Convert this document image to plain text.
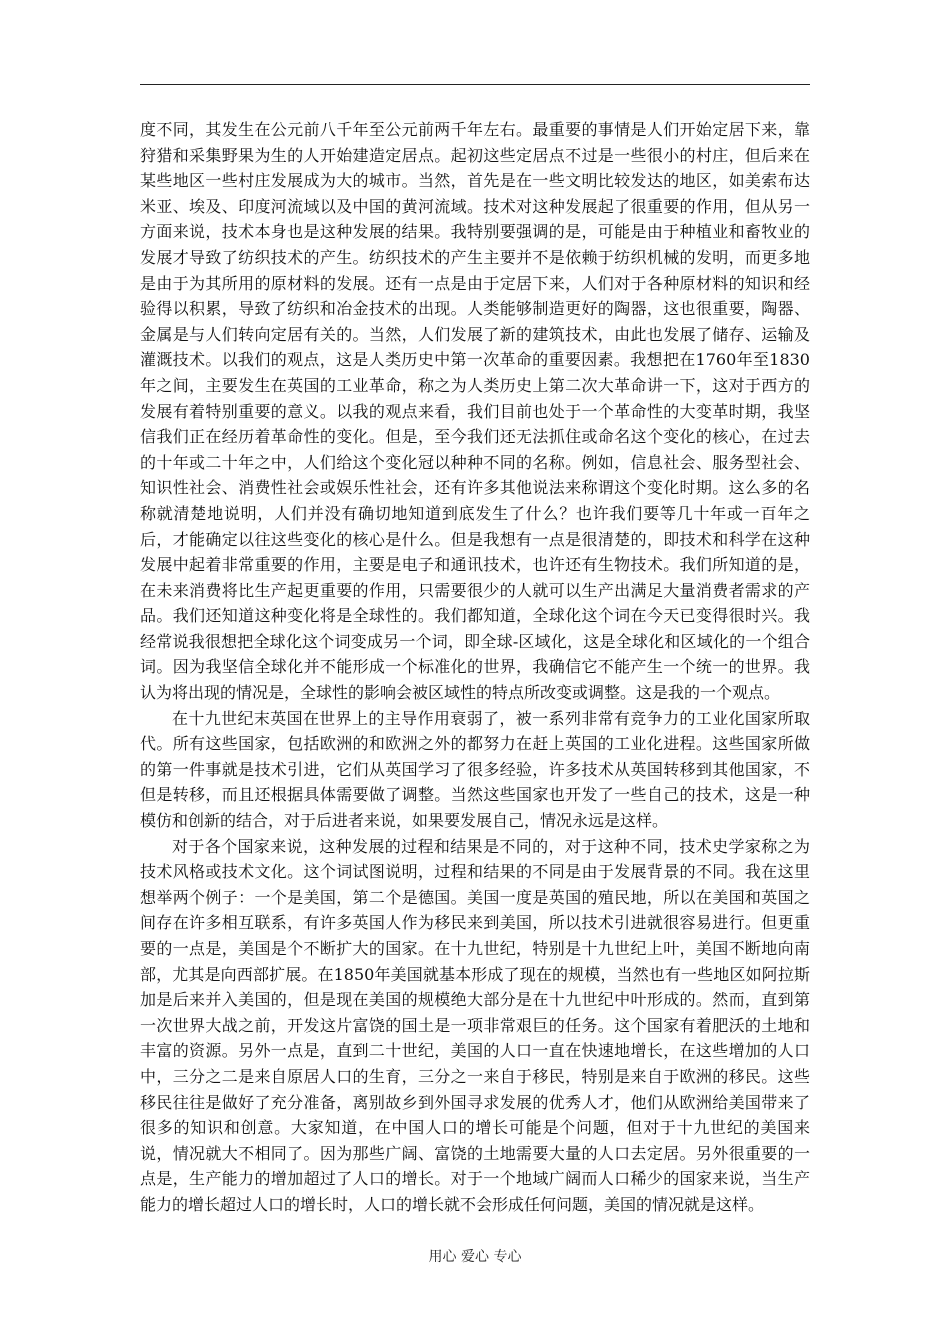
度不同，其发生在公元前八千年至公元前两千年左右。最重要的事情是人们开始定居下来，靠狩猎和采集野果为生的人开始建造定居点。起初这些定居点不过是一些很小的村庄，但后来在某些地区一些村庄发展成为大的城市。当然，首先是在一些文明比较发达的地区，如美索布达米亚、埃及、印度河流域以及中国的黄河流域。技术对这种发展起了很重要的作用，但从另一方面来说，技术本身也是这种发展的结果。我特别要强调的是，可能是由于种植业和畜牧业的发展才导致了纺织技术的产生。纺织技术的产生主要并不是依赖于纺织机械的发明，而更多地是由于为其所用的原材料的发展。还有一点是由于定居下来，人们对于各种原材料的知识和经验得以积累，导致了纺织和冶金技术的出现。人类能够制造更好的陶器，这也很重要，陶器、金属是与人们转向定居有关的。当然，人们发展了新的建筑技术，由此也发展了储存、运输及灌溉技术。以我们的观点，这是人类历史中第一次革命的重要因素。我想把在1760年至1830年之间，主要发生在英国的工业革命，称之为人类历史上第二次大革命讲一下，这对于西方的发展有着特别重要的意义。以我的观点来看，我们目前也处于一个革命性的大变革时期，我坚信我们正在经历着革命性的变化。但是，至今我们还无法抓住或命名这个变化的核心，在过去的十年或二十年之中，人们给这个变化冠以种种不同的名称。例如，信息社会、服务型社会、知识性社会、消费性社会或娱乐性社会，还有许多其他说法来称谓这个变化时期。这么多的名称就清楚地说明，人们并没有确切地知道到底发生了什么？也许我们要等几十年或一百年之后，才能确定以往这些变化的核心是什么。但是我想有一点是很清楚的，即技术和科学在这种发展中起着非常重要的作用，主要是电子和通讯技术，也许还有生物技术。我们所知道的是，在未来消费将比生产起更重要的作用，只需要很少的人就可以生产出满足大量消费者需求的产品。我们还知道这种变化将是全球性的。我们都知道，全球化这个词在今天已变得很时兴。我经常说我很想把全球化这个词变成另一个词，即全球-区域化，这是全球化和区域化的一个组合词。因为我坚信全球化并不能形成一个标准化的世界，我确信它不能产生一个统一的世界。我认为将出现的情况是，全球性的影响会被区域性的特点所改变或调整。这是我的一个观点。

在十九世纪末英国在世界上的主导作用衰弱了，被一系列非常有竞争力的工业化国家所取代。所有这些国家，包括欧洲的和欧洲之外的都努力在赶上英国的工业化进程。这些国家所做的第一件事就是技术引进，它们从英国学习了很多经验，许多技术从英国转移到其他国家，不但是转移，而且还根据具体需要做了调整。当然这些国家也开发了一些自己的技术，这是一种模仿和创新的结合，对于后进者来说，如果要发展自己，情况永远是这样。

对于各个国家来说，这种发展的过程和结果是不同的，对于这种不同，技术史学家称之为技术风格或技术文化。这个词试图说明，过程和结果的不同是由于发展背景的不同。我在这里想举两个例子：一个是美国，第二个是德国。美国一度是英国的殖民地，所以在美国和英国之间存在许多相互联系，有许多英国人作为移民来到美国，所以技术引进就很容易进行。但更重要的一点是，美国是个不断扩大的国家。在十九世纪，特别是十九世纪上叶，美国不断地向南部，尤其是向西部扩展。在1850年美国就基本形成了现在的规模，当然也有一些地区如阿拉斯加是后来并入美国的，但是现在美国的规模绝大部分是在十九世纪中叶形成的。然而，直到第一次世界大战之前，开发这片富饶的国土是一项非常艰巨的任务。这个国家有着肥沃的土地和丰富的资源。另外一点是，直到二十世纪，美国的人口一直在快速地增长，在这些增加的人口中，三分之二是来自原居人口的生育，三分之一来自于移民，特别是来自于欧洲的移民。这些移民往往是做好了充分准备，离别故乡到外国寻求发展的优秀人才，他们从欧洲给美国带来了很多的知识和创意。大家知道，在中国人口的增长可能是个问题，但对于十九世纪的美国来说，情况就大不相同了。因为那些广阔、富饶的土地需要大量的人口去定居。另外很重要的一点是，生产能力的增加超过了人口的增长。对于一个地域广阔而人口稀少的国家来说，当生产能力的增长超过人口的增长时，人口的增长就不会形成任何问题，美国的情况就是这样。

用心 爱心 专心
